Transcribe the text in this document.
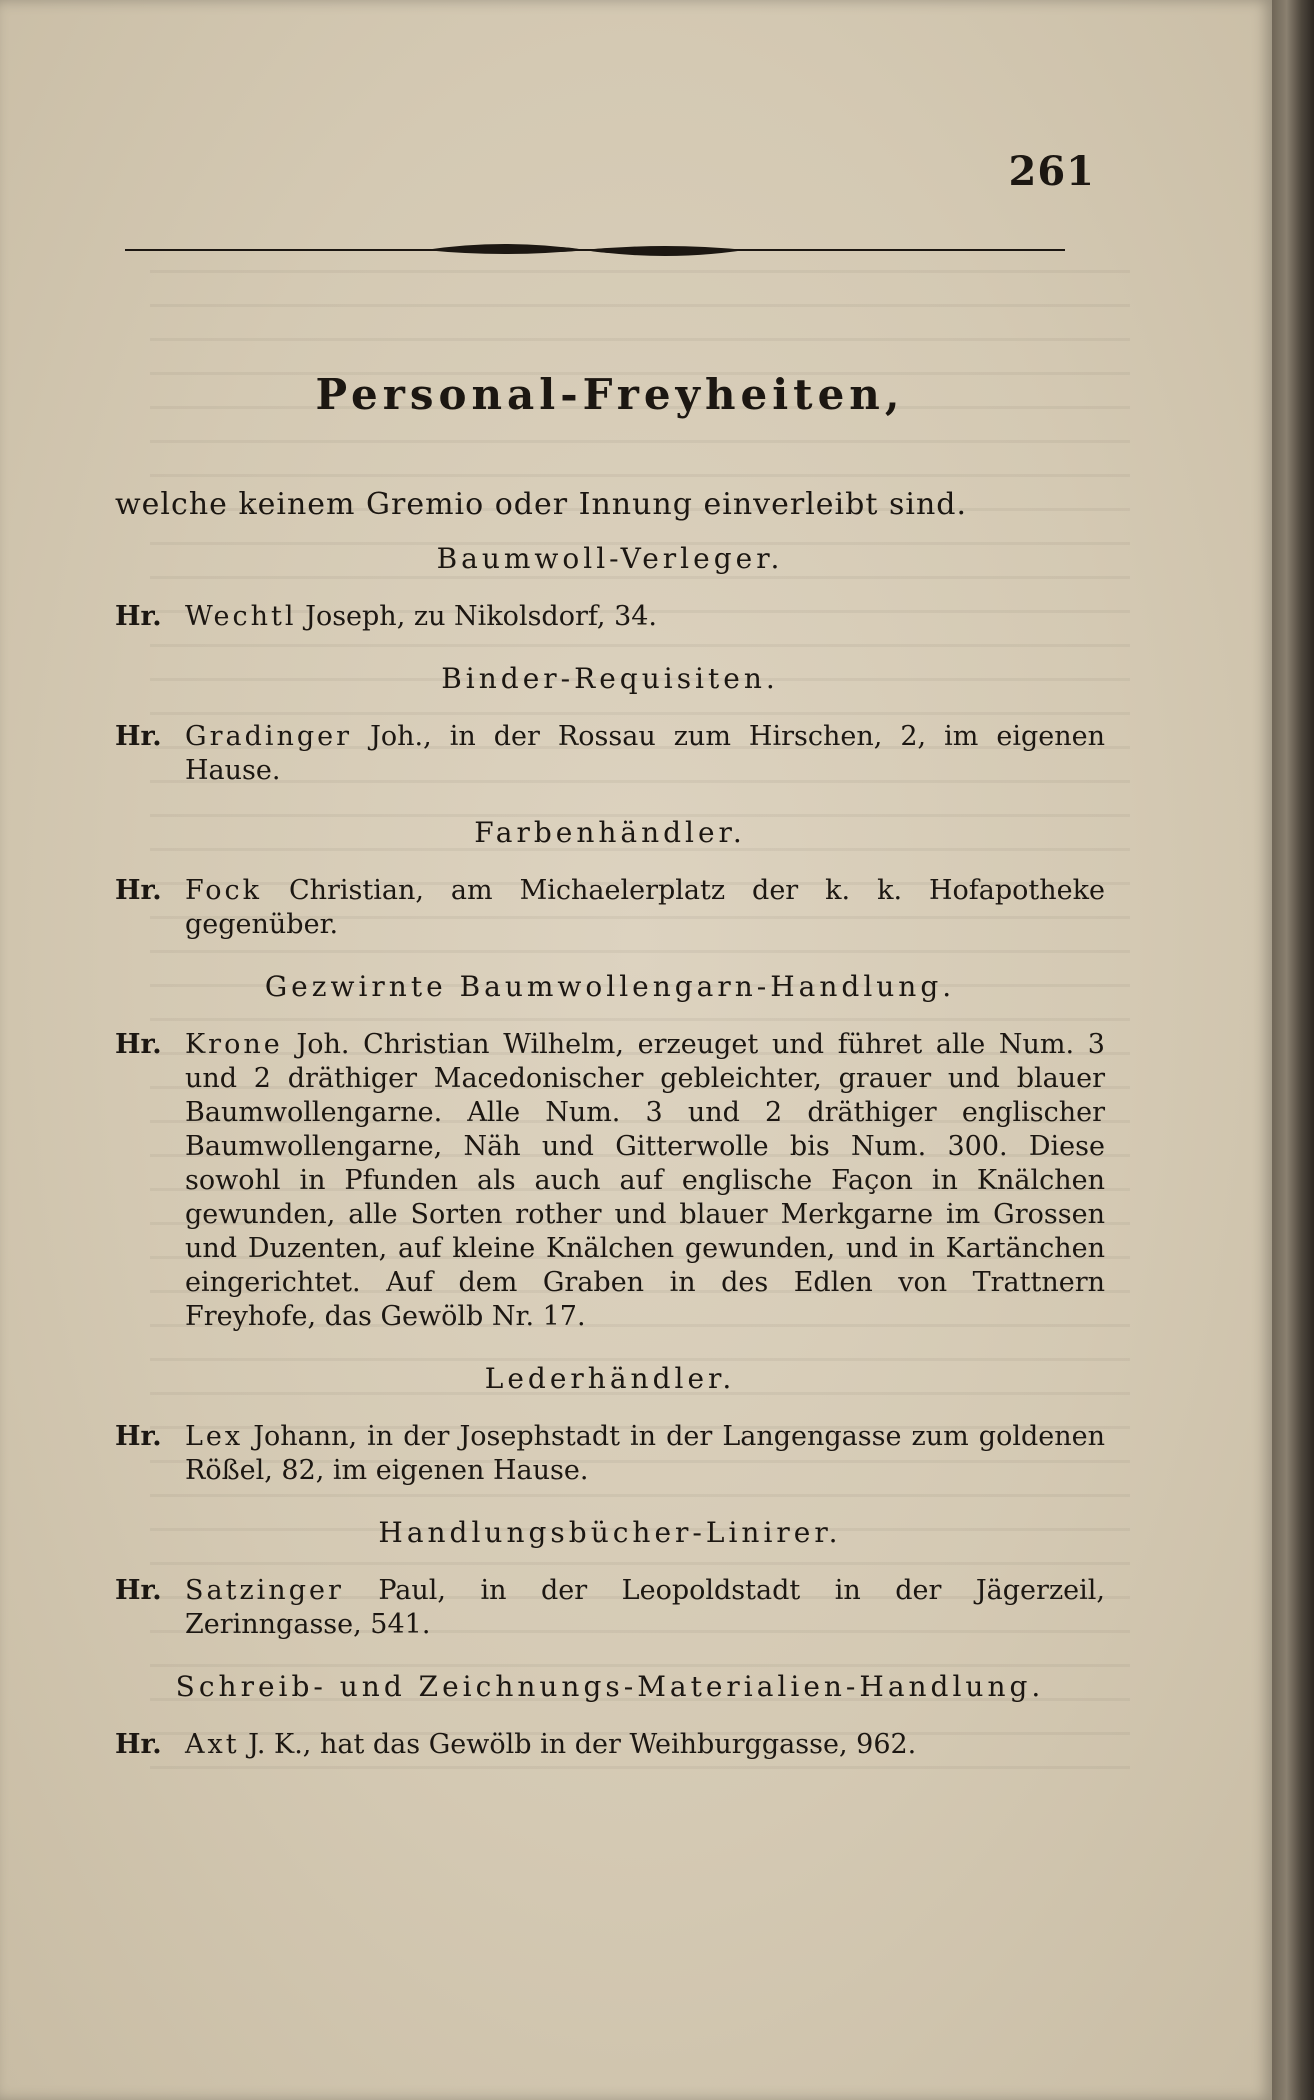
261
Personal-Freyheiten,
welche keinem Gremio oder Innung einverleibt sind.
Baumwoll-Verleger.
Hr. Wechtl Joseph, zu Nikolsdorf, 34.
Binder-Requisiten.
Hr. Gradinger Joh., in der Rossau zum Hirschen, 2, im eigenen Hause.
Farbenhändler.
Hr. Fock Christian, am Michaelerplatz der k. k. Hofapotheke gegenüber.
Gezwirnte Baumwollengarn-Handlung.
Hr. Krone Joh. Christian Wilhelm, erzeuget und führet alle Num. 3 und 2 dräthiger Macedonischer gebleichter, grauer und blauer Baumwollengarne. Alle Num. 3 und 2 dräthiger englischer Baumwollengarne, Näh und Gitterwolle bis Num. 300. Diese sowohl in Pfunden als auch auf englische Façon in Knälchen gewunden, alle Sorten rother und blauer Merkgarne im Grossen und Duzenten, auf kleine Knälchen gewunden, und in Kartänchen eingerichtet. Auf dem Graben in des Edlen von Trattnern Freyhofe, das Gewölb Nr. 17.
Lederhändler.
Hr. Lex Johann, in der Josephstadt in der Langengasse zum goldenen Rößel, 82, im eigenen Hause.
Handlungsbücher-Linirer.
Hr. Satzinger Paul, in der Leopoldstadt in der Jägerzeil, Zerinngasse, 541.
Schreib- und Zeichnungs-Materialien-Handlung.
Hr. Axt J. K., hat das Gewölb in der Weihburggasse, 962.
